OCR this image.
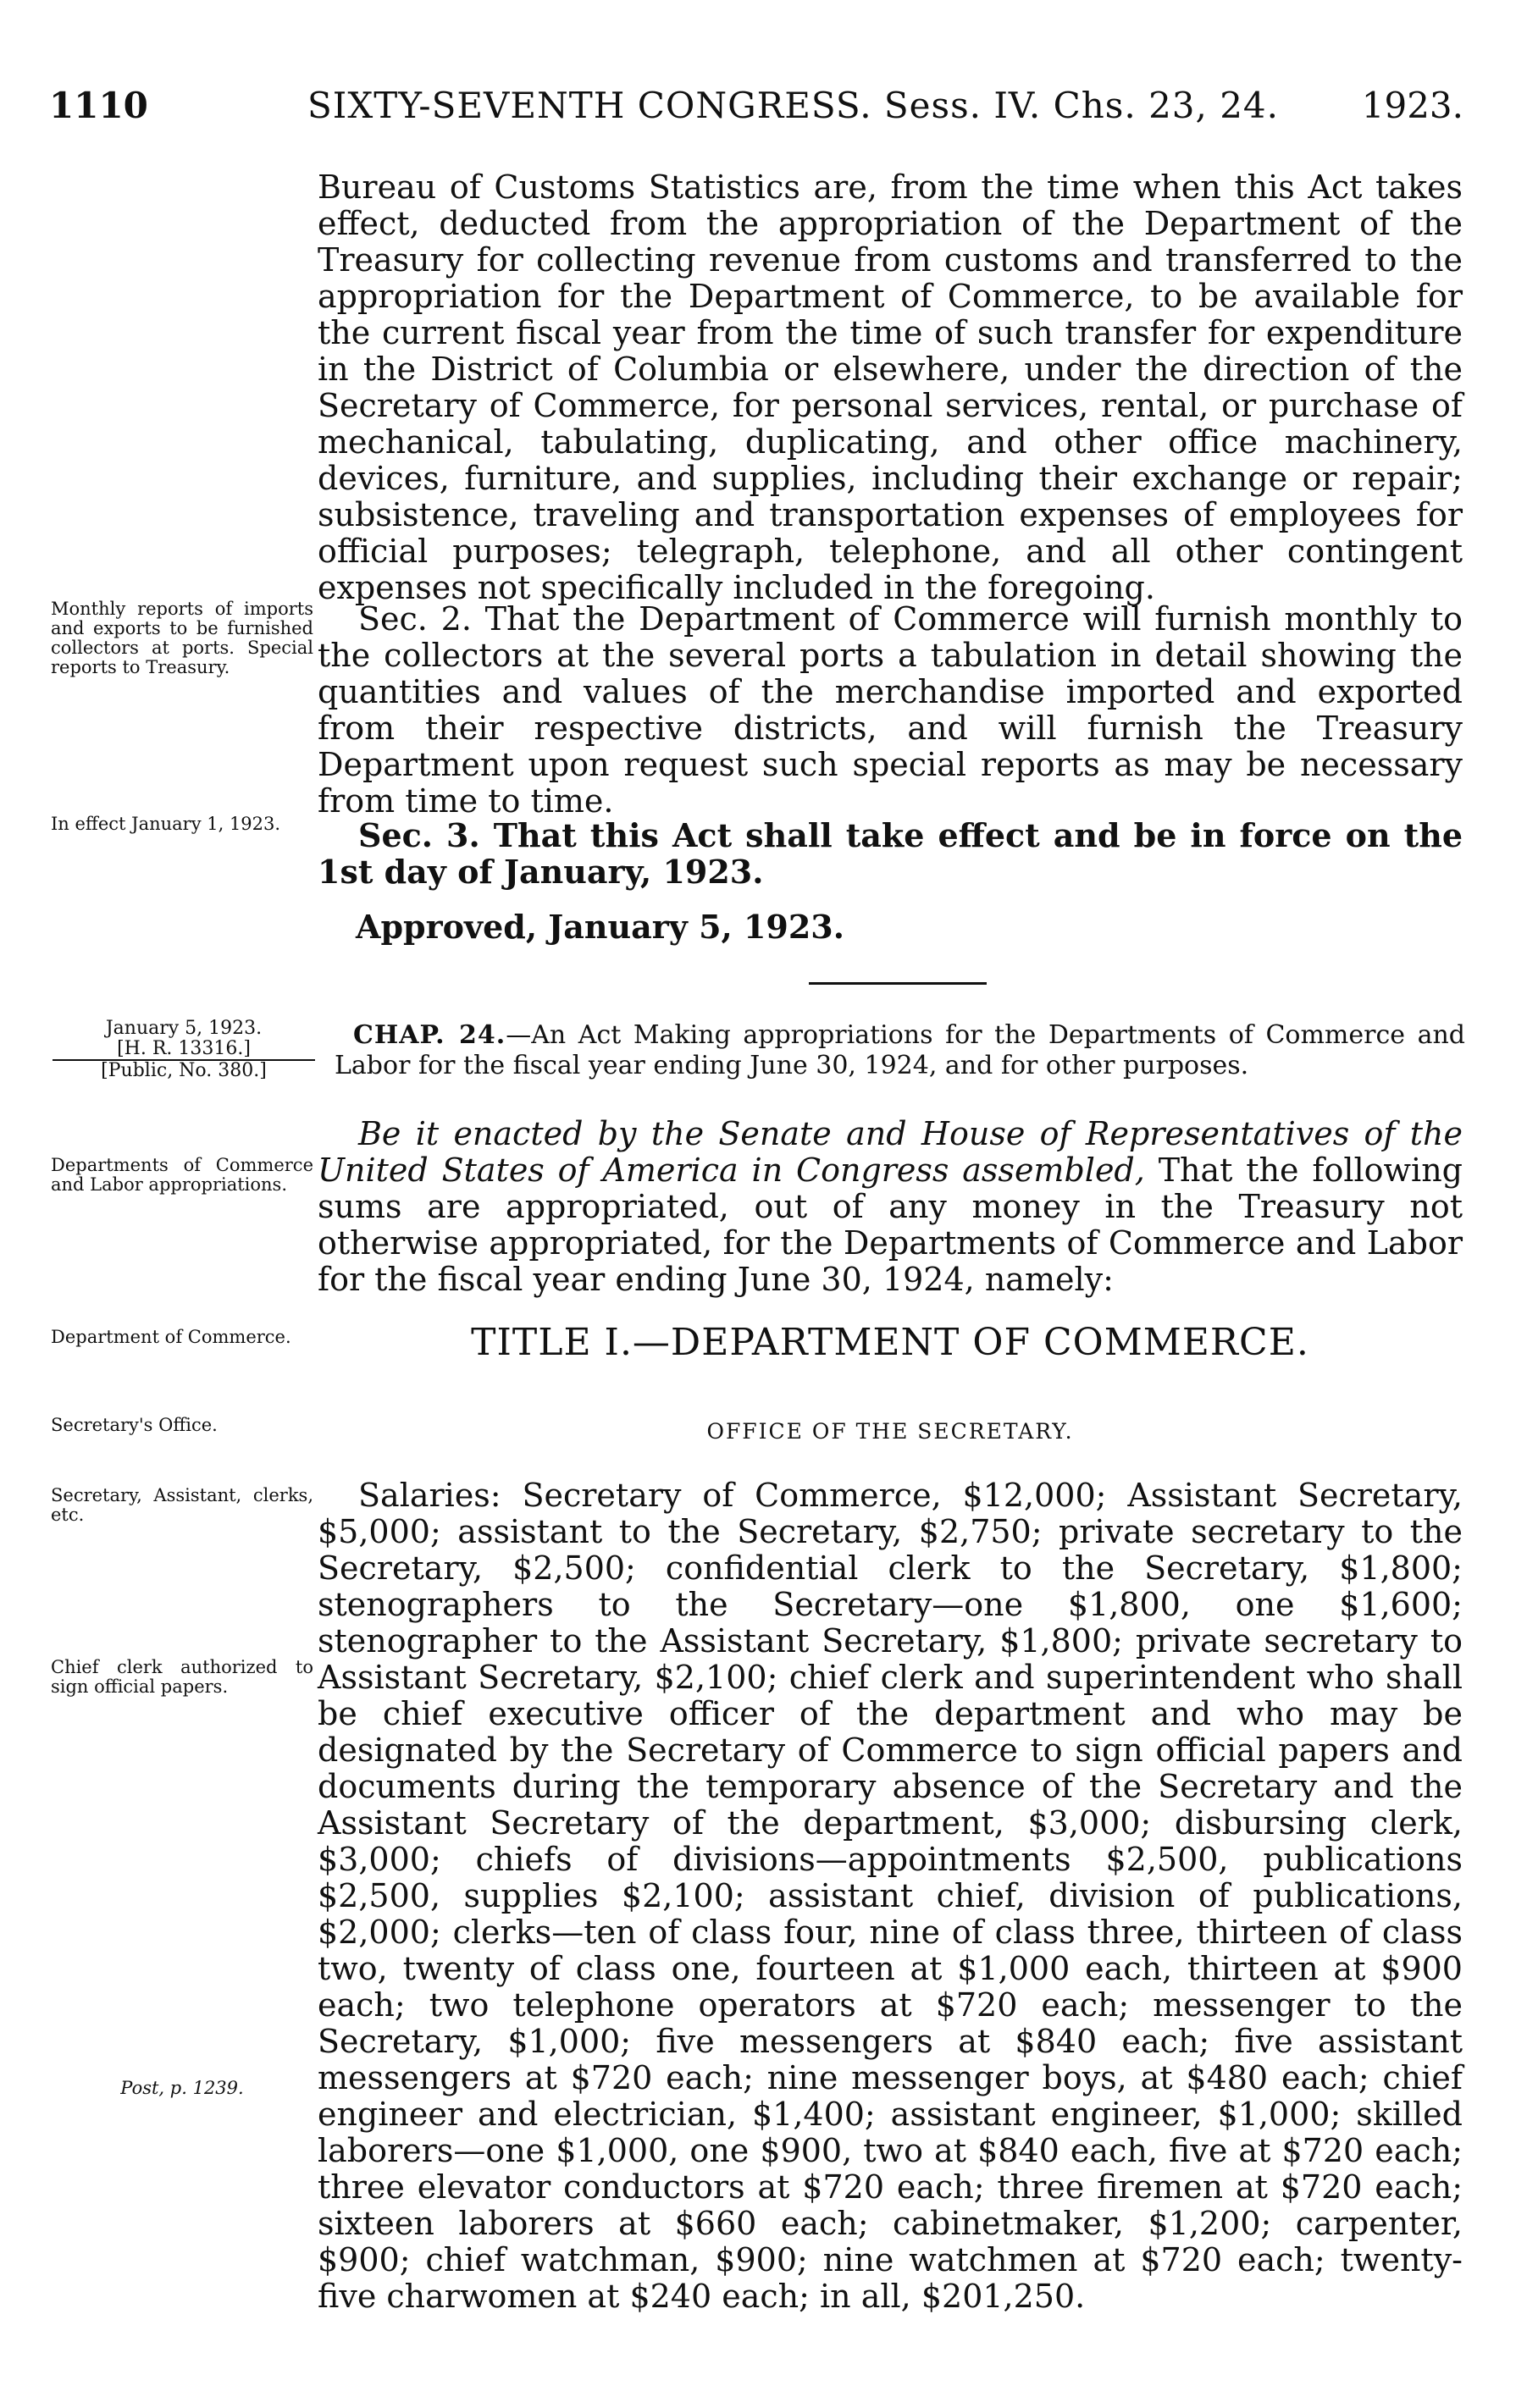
1110	SIXTY-SEVENTH CONGRESS. Sess. IV. Chs. 23, 24. 1923.

Bureau of Customs Statistics are, from the time when this Act takes effect, deducted from the appropriation of the Department of the Treasury for collecting revenue from customs and transferred to the appropriation for the Department of Commerce, to be available for the current fiscal year from the time of such transfer for expenditure in the District of Columbia or elsewhere, under the direction of the Secretary of Commerce, for personal services, rental, or purchase of mechanical, tabulating, duplicating, and other office machinery, devices, furniture, and supplies, including their exchange or repair; subsistence, traveling and transportation expenses of employees for official purposes; telegraph, telephone, and all other contingent expenses not specifically included in the foregoing.

Monthly reports of imports and exports to be furnished collectors at ports. Special reports to Treasury.

Sec. 2. That the Department of Commerce will furnish monthly to the collectors at the several ports a tabulation in detail showing the quantities and values of the merchandise imported and exported from their respective districts, and will furnish the Treasury Department upon request such special reports as may be necessary from time to time.

In effect January 1, 1923.	Sec. 3. That this Act shall take effect and be in force on the 1st day of January, 1923.

Approved, January 5, 1923.
January 5, 1923.
[H. R. 13316.]
[Public, No. 380.]
CHAP. 24.—An Act Making appropriations for the Departments of Commerce and Labor for the fiscal year ending June 30, 1924, and for other purposes.
Departments of Commerce and Labor appropriations.

Be it enacted by the Senate and House of Representatives of the United States of America in Congress assembled, That the following sums are appropriated, out of any money in the Treasury not otherwise appropriated, for the Departments of Commerce and Labor for the fiscal year ending June 30, 1924, namely:

Department of Commerce.	TITLE I.—DEPARTMENT OF COMMERCE.
Secretary's Office.	OFFICE OF THE SECRETARY.
Secretary, Assistant, clerks, etc.
Chief clerk authorized to sign official papers.
Post, p. 1239.

Salaries: Secretary of Commerce, $12,000; Assistant Secretary, $5,000; assistant to the Secretary, $2,750; private secretary to the Secretary, $2,500; confidential clerk to the Secretary, $1,800; stenographers to the Secretary—one $1,800, one $1,600; stenographer to the Assistant Secretary, $1,800; private secretary to Assistant Secretary, $2,100; chief clerk and superintendent who shall be chief executive officer of the department and who may be designated by the Secretary of Commerce to sign official papers and documents during the temporary absence of the Secretary and the Assistant Secretary of the department, $3,000; disbursing clerk, $3,000; chiefs of divisions—appointments $2,500, publications $2,500, supplies $2,100; assistant chief, division of publications, $2,000; clerks—ten of class four, nine of class three, thirteen of class two, twenty of class one, fourteen at $1,000 each, thirteen at $900 each; two telephone operators at $720 each; messenger to the Secretary, $1,000; five messengers at $840 each; five assistant messengers at $720 each; nine messenger boys, at $480 each; chief engineer and electrician, $1,400; assistant engineer, $1,000; skilled laborers—one $1,000, one $900, two at $840 each, five at $720 each; three elevator conductors at $720 each; three firemen at $720 each; sixteen laborers at $660 each; cabinetmaker, $1,200; carpenter, $900; chief watchman, $900; nine watchmen at $720 each; twenty-five charwomen at $240 each; in all, $201,250.
